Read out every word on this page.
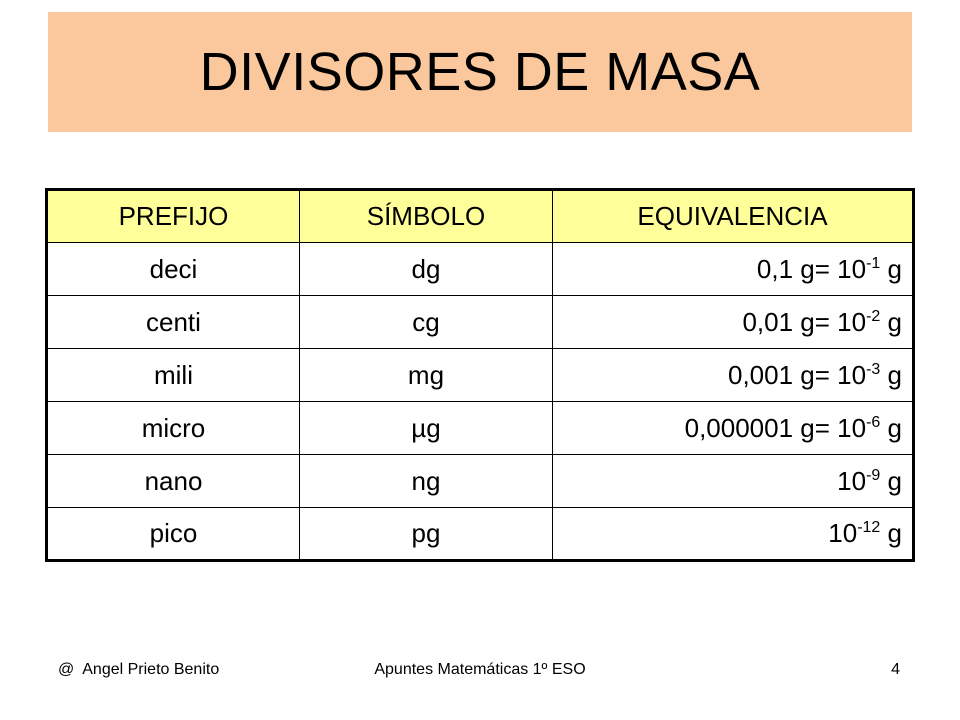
DIVISORES DE MASA
PREFIJO	SÍMBOLO	EQUIVALENCIA
deci	dg	0,1 $g= 10^{-1}$ g
centi	cg	0,01 $g= 10^{-2}$ g
mili	mg	0,001 $g= 10^{-3}$ g
micro	µg	0,000001 $g= 10^{-6}$ g
nano	ng	$10^{-9}$ g
pico	pg	$10^{-12}$ g
@  Angel Prieto Benito	Apuntes Matemáticas 1º ESO	4
